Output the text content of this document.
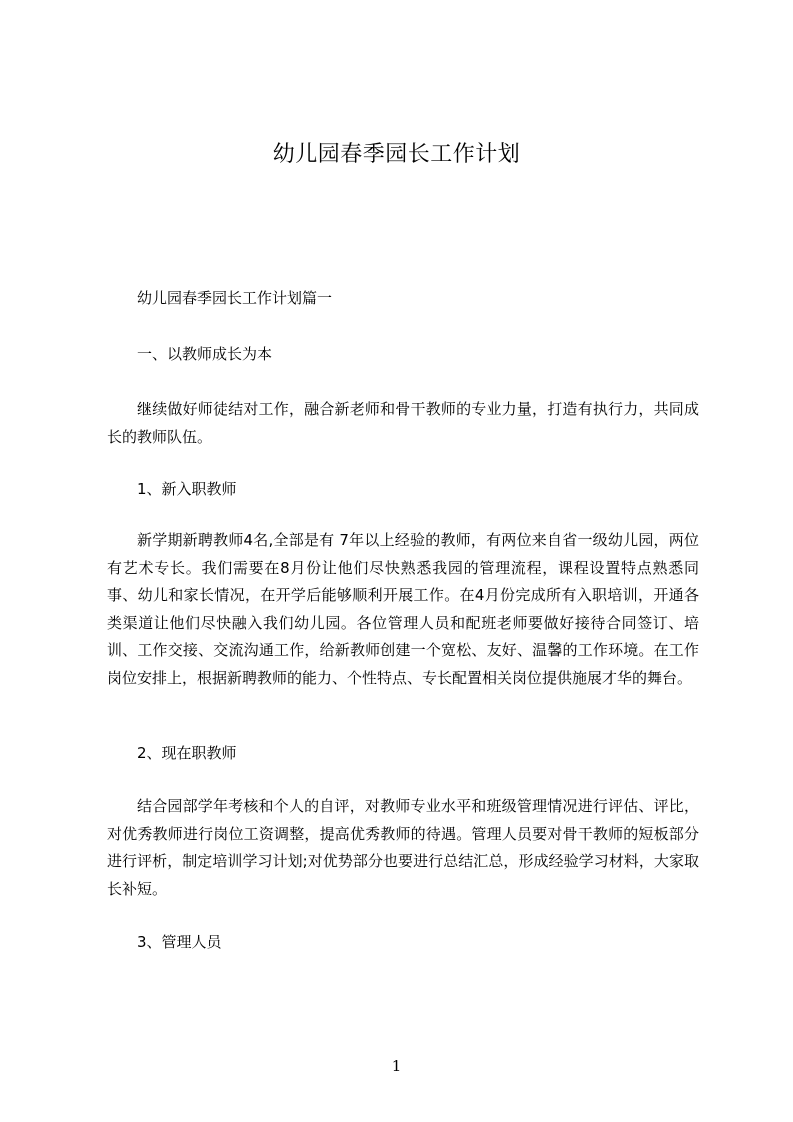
幼儿园春季园长工作计划
幼儿园春季园长工作计划篇一
一、以教师成长为本
继续做好师徒结对工作，融合新老师和骨干教师的专业力量，打造有执行力，共同成长的教师队伍。
1、新入职教师
新学期新聘教师4名,全部是有 7年以上经验的教师，有两位来自省一级幼儿园，两位有艺术专长。我们需要在8月份让他们尽快熟悉我园的管理流程，课程设置特点熟悉同事、幼儿和家长情况，在开学后能够顺利开展工作。在4月份完成所有入职培训，开通各类渠道让他们尽快融入我们幼儿园。各位管理人员和配班老师要做好接待合同签订、培训、工作交接、交流沟通工作，给新教师创建一个宽松、友好、温馨的工作环境。在工作岗位安排上，根据新聘教师的能力、个性特点、专长配置相关岗位提供施展才华的舞台。
2、现在职教师
结合园部学年考核和个人的自评，对教师专业水平和班级管理情况进行评估、评比，对优秀教师进行岗位工资调整，提高优秀教师的待遇。管理人员要对骨干教师的短板部分进行评析，制定培训学习计划;对优势部分也要进行总结汇总，形成经验学习材料，大家取长补短。
3、管理人员
1
